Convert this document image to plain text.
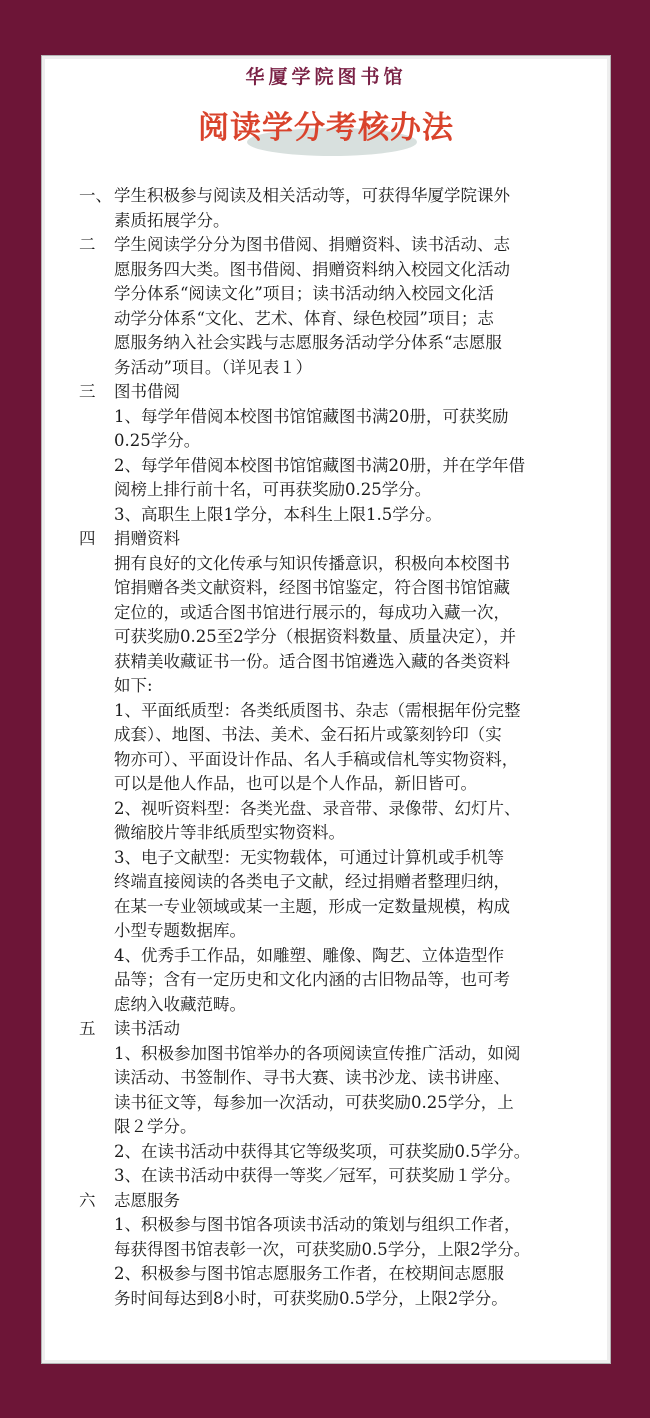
华厦学院图书馆
阅读学分考核办法
一、 学生积极参与阅读及相关活动等，可获得华厦学院课外
素质拓展学分。
二	学生阅读学分分为图书借阅、捐赠资料、读书活动、志
愿服务四大类。图书借阅、捐赠资料纳入校园文化活动
学分体系“阅读文化”项目；读书活动纳入校园文化活
动学分体系“文化、艺术、体育、绿色校园”项目；志
愿服务纳入社会实践与志愿服务活动学分体系“志愿服
务活动”项目。（详见表１）
三	图书借阅
1、每学年借阅本校图书馆馆藏图书满20册，可获奖励
0.25学分。
2、每学年借阅本校图书馆馆藏图书满20册，并在学年借
阅榜上排行前十名，可再获奖励0.25学分。
3、高职生上限1学分，本科生上限1.5学分。
四	捐赠资料
拥有良好的文化传承与知识传播意识，积极向本校图书
馆捐赠各类文献资料，经图书馆鉴定，符合图书馆馆藏
定位的，或适合图书馆进行展示的，每成功入藏一次，
可获奖励0.25至2学分（根据资料数量、质量决定），并
获精美收藏证书一份。适合图书馆遴选入藏的各类资料
如下:
1、平面纸质型：各类纸质图书、杂志（需根据年份完整
成套）、地图、书法、美术、金石拓片或篆刻钤印（实
物亦可）、平面设计作品、名人手稿或信札等实物资料，
可以是他人作品，也可以是个人作品，新旧皆可。
2、视听资料型：各类光盘、录音带、录像带、幻灯片、
微缩胶片等非纸质型实物资料。
3、电子文献型：无实物载体，可通过计算机或手机等
终端直接阅读的各类电子文献，经过捐赠者整理归纳，
在某一专业领域或某一主题，形成一定数量规模，构成
小型专题数据库。
4、优秀手工作品，如雕塑、雕像、陶艺、立体造型作
品等；含有一定历史和文化内涵的古旧物品等，也可考
虑纳入收藏范畴。
五	读书活动
1、积极参加图书馆举办的各项阅读宣传推广活动，如阅
读活动、书签制作、寻书大赛、读书沙龙、读书讲座、
读书征文等，每参加一次活动，可获奖励0.25学分，上
限２学分。
2、在读书活动中获得其它等级奖项，可获奖励0.5学分。
3、在读书活动中获得一等奖／冠军，可获奖励１学分。
六	志愿服务
1、积极参与图书馆各项读书活动的策划与组织工作者，
每获得图书馆表彰一次，可获奖励0.5学分，上限2学分。
2、积极参与图书馆志愿服务工作者，在校期间志愿服
务时间每达到8小时，可获奖励0.5学分，上限2学分。
